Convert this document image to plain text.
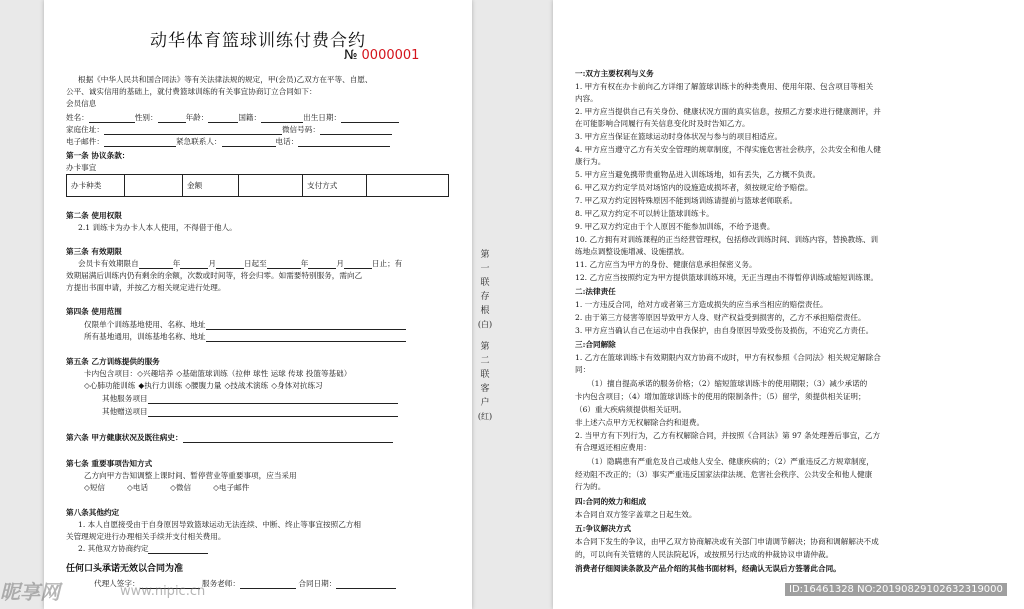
动华体育篮球训练付费合约
№ 0000001
根据《中华人民共和国合同法》等有关法律法规的规定，甲(会员)乙双方在平等、自愿、
公平、诚实信用的基础上，就付费篮球训练的有关事宜协商订立合同如下：
会员信息
姓名：	性别：	年龄：	国籍：	出生日期：
家庭住址：	微信号码：
电子邮件：	紧急联系人：	电话：
第一条 协议条款：
办卡事宜
办卡种类		金额		支付方式	
第二条 使用权限
2.1 训练卡为办卡人本人使用，不得借于他人。
第三条 有效期限
会员卡有效期限自	年	月	日起至	年	月	日止；有
效期届满后训练内仍有剩余的余额，次数或时间等，将会归零。如需要特别服务，需向乙
方提出书面申请，并按乙方相关规定进行处理。
第四条 使用范围
仅限单个训练基地使用、名称、地址
所有基地通用，训练基地名称、地址
第五条 乙方训练提供的服务
卡内包含项目：◇兴趣培养 ◇基础篮球训练（拉伸 球性 运球 传球 投篮等基础）
◇心肺功能训练 ◆执行力训练 ◇腰腹力量 ◇技战术演练 ◇身体对抗练习
其他服务项目
其他赠送项目
第六条 甲方健康状况及既往病史：
第七条 重要事项告知方式
乙方向甲方告知调整上课时间、暂停营业等重要事项，应当采用
◇短信	◇电话	◇微信	◇电子邮件
第八条其他约定
1. 本人自愿接受由于自身原因导致篮球运动无法连续、中断、终止等事宜按照乙方相
关管理规定进行办理相关手续并支付相关费用。
2. 其他双方协商约定
任何口头承诺无效以合同为准
代理人签字：	服务老师：	合同日期：
第
一
联
存
根
(白)
第
二
联
客
户
(红)
一:双方主要权利与义务
1. 甲方有权在办卡前向乙方详细了解篮球训练卡的种类费用、使用年限、包含项目等相关
内容。
2. 甲方应当提供自己有关身份、健康状况方面的真实信息，按照乙方要求进行健康测评，并
在可能影响合同履行有关信息变化时及时告知乙方。
3. 甲方应当保证在篮球运动时身体状况与参与的项目相适应。
4. 甲方应当遵守乙方有关安全管理的规章制度，不得实施危害社会秩序，公共安全和他人健
康行为。
5. 甲方应当避免携带贵重物品进入训练场地，如有丢失，乙方概不负责。
6. 甲乙双方约定学员对场馆内的设施造成损坏者，须按规定给予赔偿。
7. 甲乙双方约定因特殊原因不能到场训练请提前与篮球老师联系。
8. 甲乙双方约定不可以转让篮球训练卡。
9. 甲乙双方约定由于个人原因不能参加训练，不给予退费。
10. 乙方拥有对训练课程的正当经营管理权，包括修改训练时间、训练内容，替换教练、训
练地点调整设施增减、设施摆放。
11. 乙方应当为甲方的身份、健康信息承担保密义务。
12. 乙方应当按照约定为甲方提供篮球训练环境，无正当理由不得暂停训练或缩短训练课。
二:法律责任
1. 一方违反合同，给对方或者第三方造成损失的应当承当相应的赔偿责任。
2. 由于第三方侵害等原因导致甲方人身、财产权益受到损害的，乙方不承担赔偿责任。
3. 甲方应当确认自己在运动中自我保护，由自身原因导致受伤及损伤，不追究乙方责任。
三:合同解除
1. 乙方在篮球训练卡有效期限内双方协商不成时，甲方有权参照《合同法》相关规定解除合
同：
（1）擅自提高承诺的服务价格；（2）缩短篮球训练卡的使用期限；（3）减少承诺的
卡内包含项目；（4）增加篮球训练卡的使用的限制条件；（5）留学，须提供相关证明；
（6）重大疾病须提供相关证明。
非上述六点甲方无权解除合约和退费。
2. 当甲方有下列行为，乙方有权解除合同，并按照《合同法》第 97 条处理善后事宜，乙方
有合理返还相应费用：
（1）隐瞒患有严重危及自己或他人安全、健康疾病的；（2）严重违反乙方规章制度，
经劝阻不改正的；（3）事实严重违反国家法律法规、危害社会秩序、公共安全和他人健康
行为的。
四:合同的效力和组成
本合同自双方签字盖章之日起生效。
五:争议解决方式
本合同下发生的争议，由甲乙双方协商解决或有关部门申请调节解决；协商和调解解决不成
的，可以向有关管辖的人民法院起诉，或按照另行达成的仲裁协议申请仲裁。
消费者仔细阅读条款及产品介绍的其他书面材料，经确认无误后方签署此合同。
昵享网	www.nipic.cn	ID:16461328 NO:20190829102632319000
